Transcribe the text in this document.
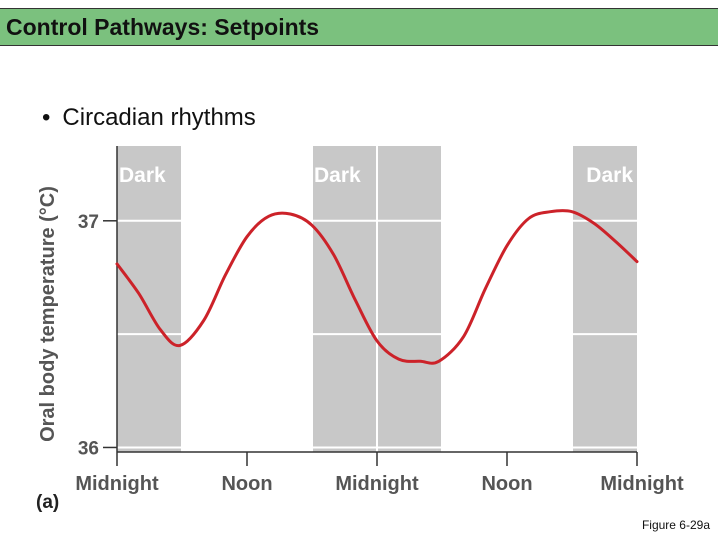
Control Pathways: Setpoints
• Circadian rhythms
Dark	Dark	Dark
36
37
Midnight	Noon	Midnight	Noon	Midnight
Oral body temperature (°C)
(a)
Figure 6-29a
